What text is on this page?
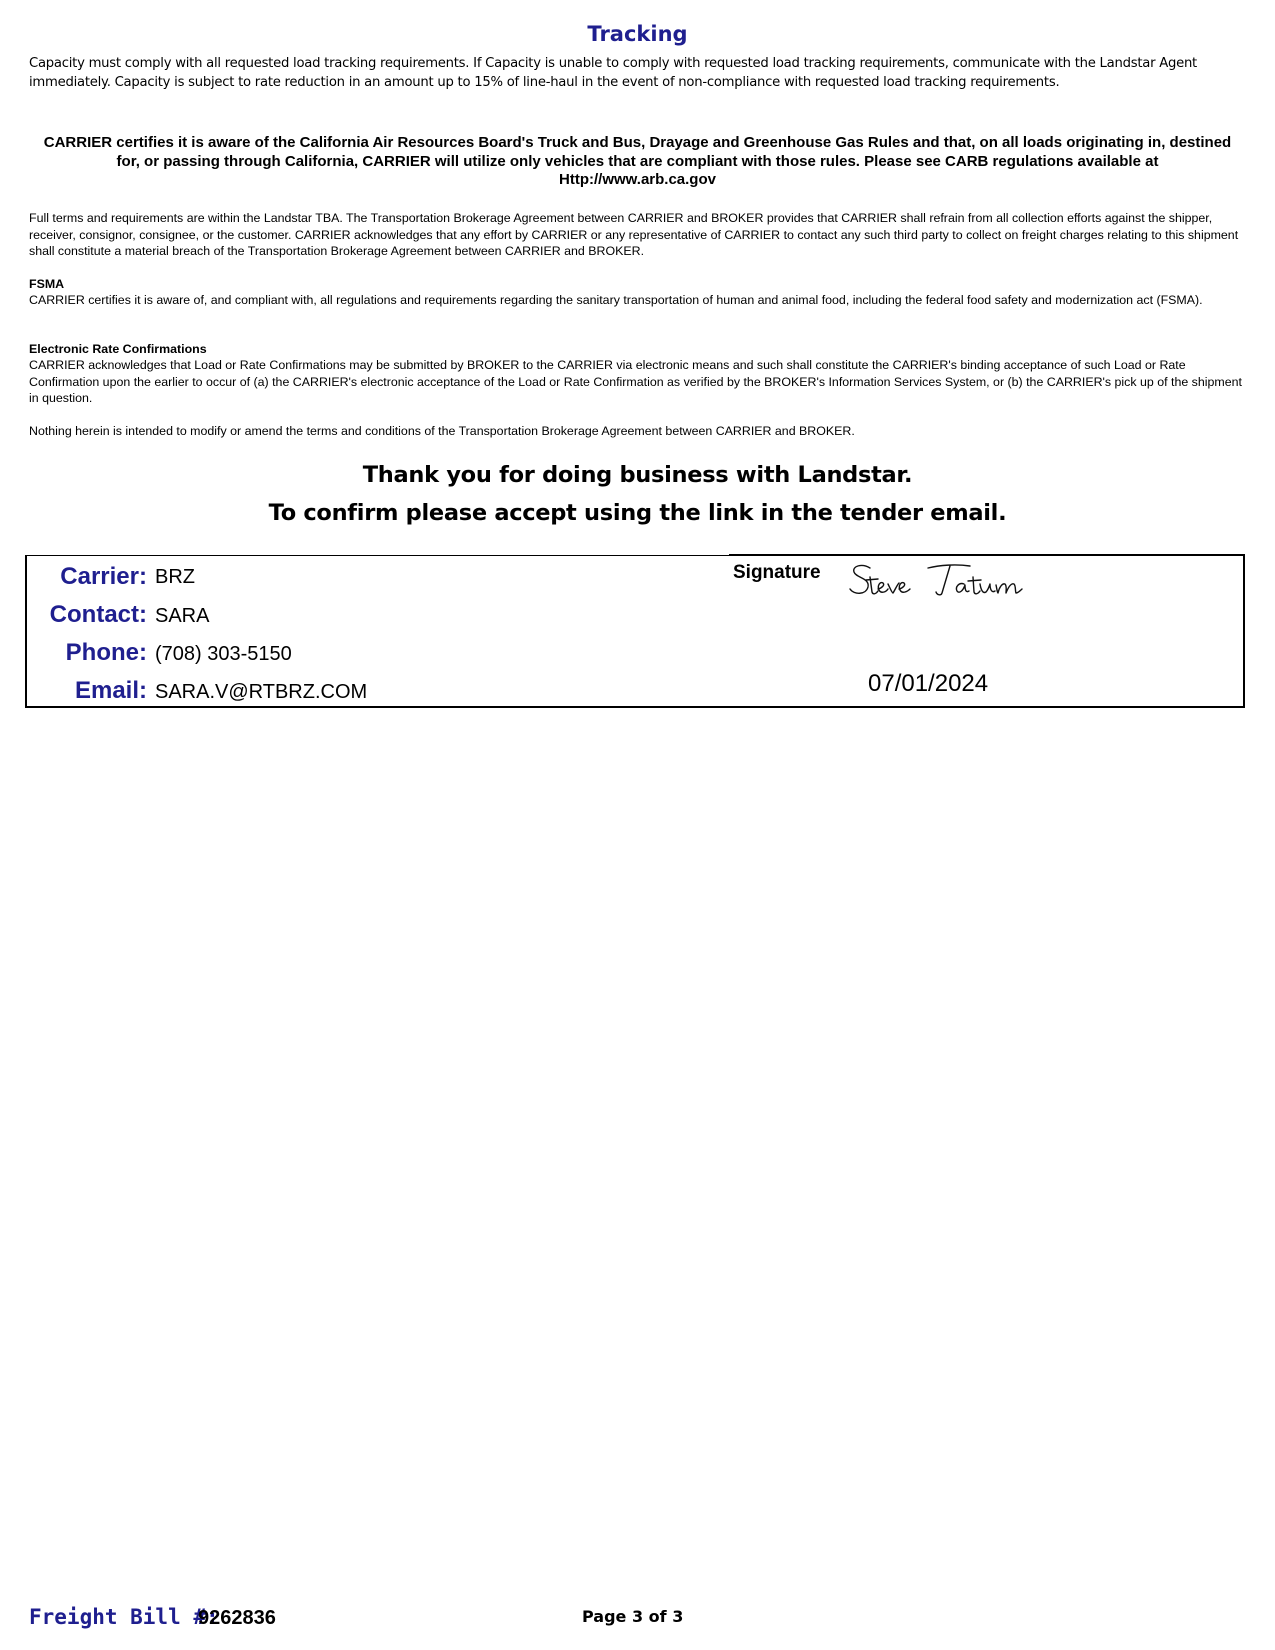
Tracking
Capacity must comply with all requested load tracking requirements. If Capacity is unable to comply with requested load tracking requirements, communicate with the Landstar Agent immediately. Capacity is subject to rate reduction in an amount up to 15% of line-haul in the event of non-compliance with requested load tracking requirements.
CARRIER certifies it is aware of the California Air Resources Board's Truck and Bus, Drayage and Greenhouse Gas Rules and that, on all loads originating in, destined for, or passing through California, CARRIER will utilize only vehicles that are compliant with those rules. Please see CARB regulations available at Http://www.arb.ca.gov
Full terms and requirements are within the Landstar TBA. The Transportation Brokerage Agreement between CARRIER and BROKER provides that CARRIER shall refrain from all collection efforts against the shipper, receiver, consignor, consignee, or the customer. CARRIER acknowledges that any effort by CARRIER or any representative of CARRIER to contact any such third party to collect on freight charges relating to this shipment shall constitute a material breach of the Transportation Brokerage Agreement between CARRIER and BROKER.
FSMA
CARRIER certifies it is aware of, and compliant with, all regulations and requirements regarding the sanitary transportation of human and animal food, including the federal food safety and modernization act (FSMA).
Electronic Rate Confirmations
CARRIER acknowledges that Load or Rate Confirmations may be submitted by BROKER to the CARRIER via electronic means and such shall constitute the CARRIER's binding acceptance of such Load or Rate Confirmation upon the earlier to occur of (a) the CARRIER's electronic acceptance of the Load or Rate Confirmation as verified by the BROKER's Information Services System, or (b) the CARRIER's pick up of the shipment in question.
Nothing herein is intended to modify or amend the terms and conditions of the Transportation Brokerage Agreement between CARRIER and BROKER.
Thank you for doing business with Landstar.
To confirm please accept using the link in the tender email.
Carrier: BRZ
Contact: SARA
Phone: (708) 303-5150
Email: SARA.V@RTBRZ.COM
Signature
07/01/2024
Freight Bill #:
9262836	Page 3 of 3
